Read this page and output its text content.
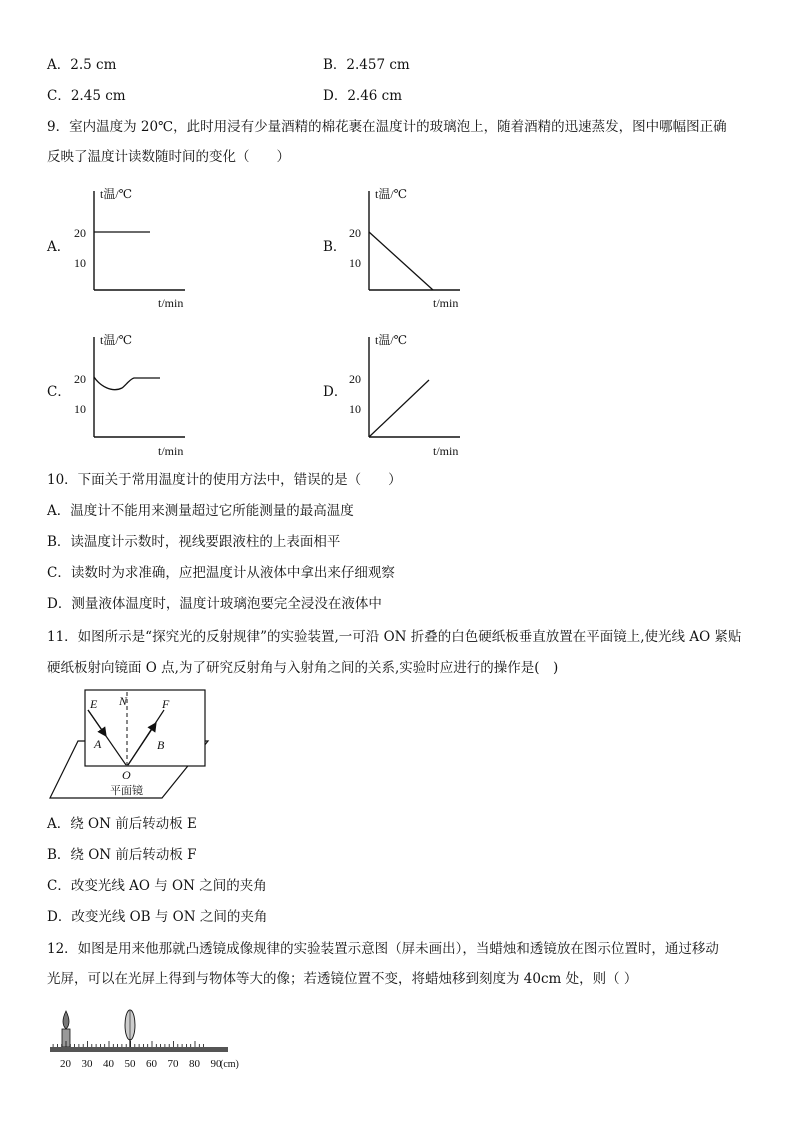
A．2.5 cm	B．2.457 cm
C．2.45 cm	D．2.46 cm
9．室内温度为 20℃，此时用浸有少量酒精的棉花裹在温度计的玻璃泡上，随着酒精的迅速蒸发，图中哪幅图正确
反映了温度计读数随时间的变化（　　）
A．
t温/℃
20
10
t/min
B．
t温/℃
20
10
t/min
C．
t温/℃
20
10
t/min
D．
t温/℃
20
10
t/min
10．下面关于常用温度计的使用方法中，错误的是（　　）
A．温度计不能用来测量超过它所能测量的最高温度
B．读温度计示数时，视线要跟液柱的上表面相平
C．读数时为求准确，应把温度计从液体中拿出来仔细观察
D．测量液体温度时，温度计玻璃泡要完全浸没在液体中
11．如图所示是“探究光的反射规律”的实验装置,一可沿 ON 折叠的白色硬纸板垂直放置在平面镜上,使光线 AO 紧贴
硬纸板射向镜面 O 点,为了研究反射角与入射角之间的关系,实验时应进行的操作是(　)
E N	F
A	B
O
平面镜
A．绕 ON 前后转动板 E
B．绕 ON 前后转动板 F
C．改变光线 AO 与 ON 之间的夹角
D．改变光线 OB 与 ON 之间的夹角
12．如图是用来他那就凸透镜成像规律的实验装置示意图（屏未画出），当蜡烛和透镜放在图示位置时，通过移动
光屏，可以在光屏上得到与物体等大的像；若透镜位置不变，将蜡烛移到刻度为 40cm 处，则（ ）
20 30 40 50 60 70 80 90
(cm)
